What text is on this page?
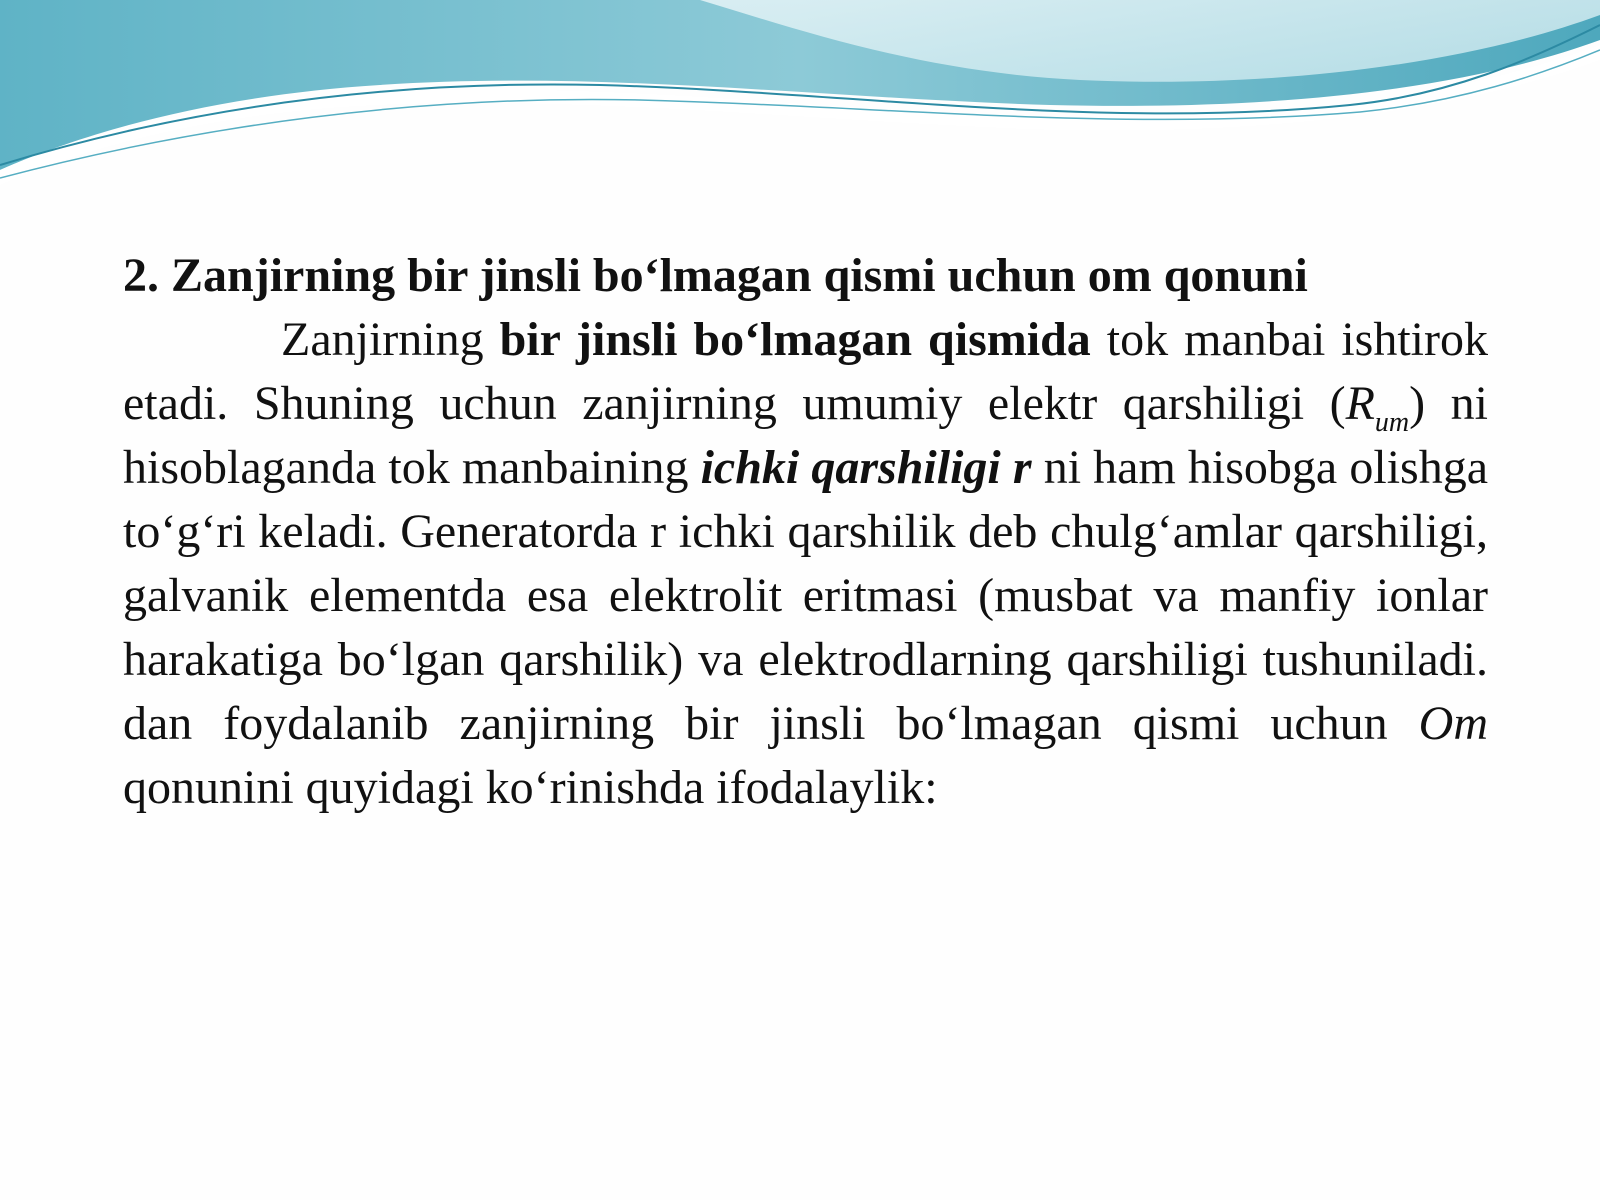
2. Zanjirning bir jinsli bo‘lmagan qismi uchun om qonuni

Zanjirning bir jinsli bo‘lmagan qismida tok manbai ishtirok etadi. Shuning uchun zanjirning umumiy elektr qarshiligi $(R_{um})$ ni hisoblaganda tok manbaining ichki qarshiligi r ni ham hisobga olishga to‘g‘ri keladi. Generatorda r ichki qarshilik deb chulg‘amlar qarshiligi, galvanik elementda esa elektrolit eritmasi (musbat va manfiy ionlar harakatiga bo‘lgan qarshilik) va elektrodlarning qarshiligi tushuniladi. dan foydalanib zanjirning bir jinsli bo‘lmagan qismi uchun Om qonunini quyidagi ko‘rinishda ifodalaylik:
